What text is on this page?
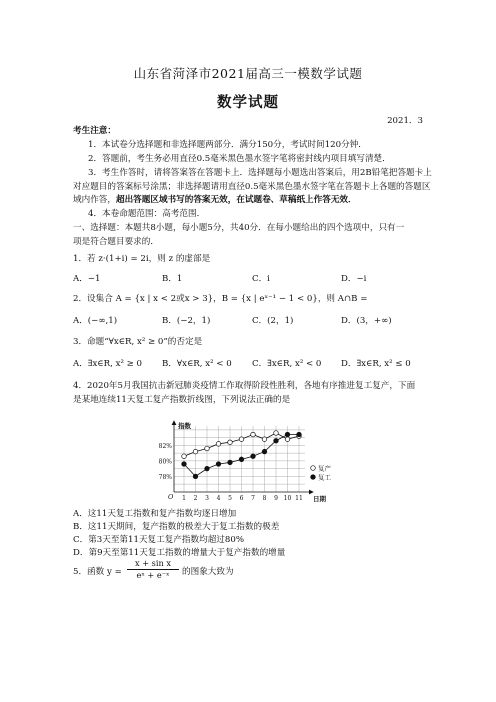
山东省菏泽市2021届高三一模数学试题
数学试题
2021．3
考生注意：
1．本试卷分选择题和非选择题两部分．满分150分，考试时间120分钟．
2．答题前，考生务必用直径0.5毫米黑色墨水签字笔将密封线内项目填写清楚．
3．考生作答时，请将答案答在答题卡上．选择题每小题选出答案后，用2B铅笔把答题卡上对应题目的答案标号涂黑；非选择题请用直径0.5毫米黑色墨水签字笔在答题卡上各题的答题区域内作答，超出答题区域书写的答案无效，在试题卷、草稿纸上作答无效．
4．本卷命题范围：高考范围．
一、选择题：本题共8小题，每小题5分，共40分．在每小题给出的四个选项中，只有一
项是符合题目要求的．
1．若 z·(1+i) = 2i，则 z 的虚部是
A．−1	B．1	C．i	D．−i
2．设集合 A = {x | x < 2或x > 3}，B = {x | eˣ⁻¹ − 1 < 0}，则 A∩B =
A．(−∞,1)	B．(−2，1)	C．(2，1)	D．(3，+∞)
3．命题“∀x∈R, x² ≥ 0”的否定是
A．∃x∈R, x² ≥ 0 B．∀x∈R, x² < 0 C．∃x∈R, x² < 0 D．∃x∈R, x² ≤ 0
4．2020年5月我国抗击新冠肺炎疫情工作取得阶段性胜利，各地有序推进复工复产，下面
是某地连续11天复工复产指数折线图，下列说法正确的是
82%
80%
78%
1 2 3 4 5 6 7 8 9 10 11
O
指数
日期
复产
复工
A．这11天复工指数和复产指数均逐日增加
B．这11天期间，复产指数的极差大于复工指数的极差
C．第3天至第11天复工复产指数均超过80%
D．第9天至第11天复工指数的增量大于复产指数的增量
5．函数 y =
x + sin x
eˣ + e⁻ˣ	的图象大致为
